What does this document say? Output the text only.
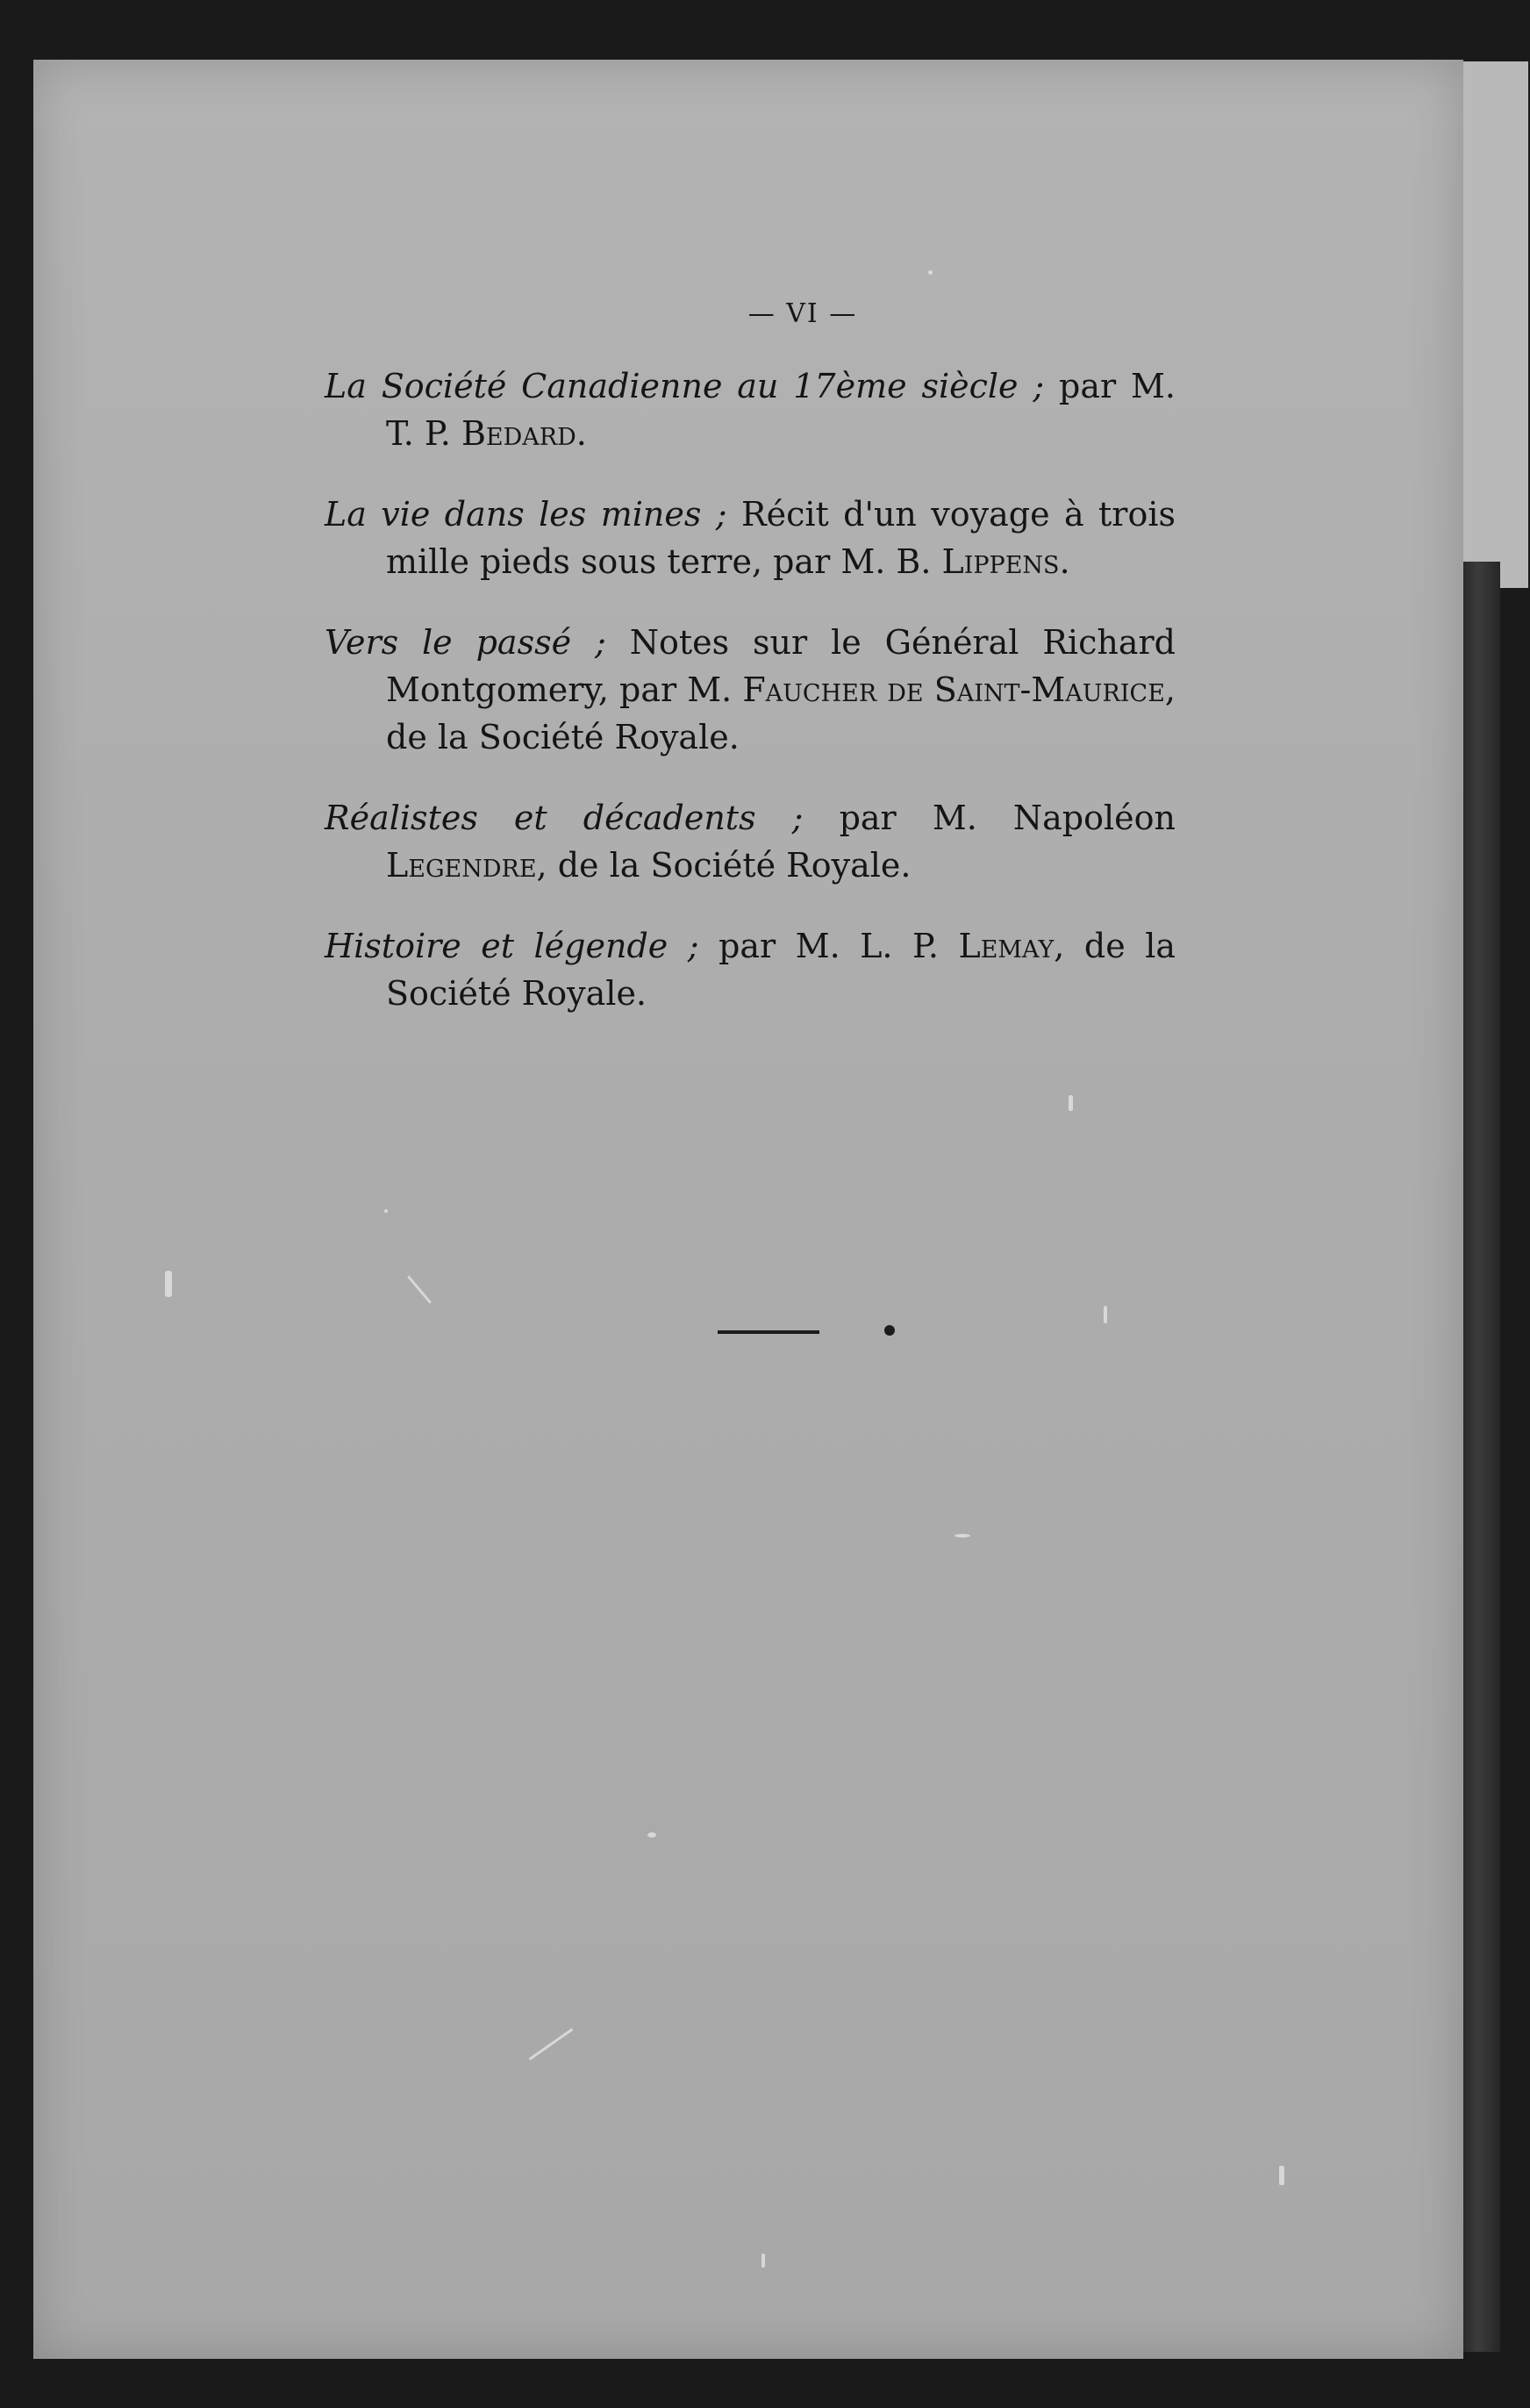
— VI —

La Société Canadienne au 17ème siècle ; par M. T. P. Bedard.

La vie dans les mines ; Récit d'un voyage à trois mille pieds sous terre, par M. B. Lippens.

Vers le passé ; Notes sur le Général Richard Montgomery, par M. Faucher de Saint-Maurice, de la Société Royale.

Réalistes et décadents ; par M. Napoléon Legendre, de la Société Royale.

Histoire et légende ; par M. L. P. Lemay, de la Société Royale.
